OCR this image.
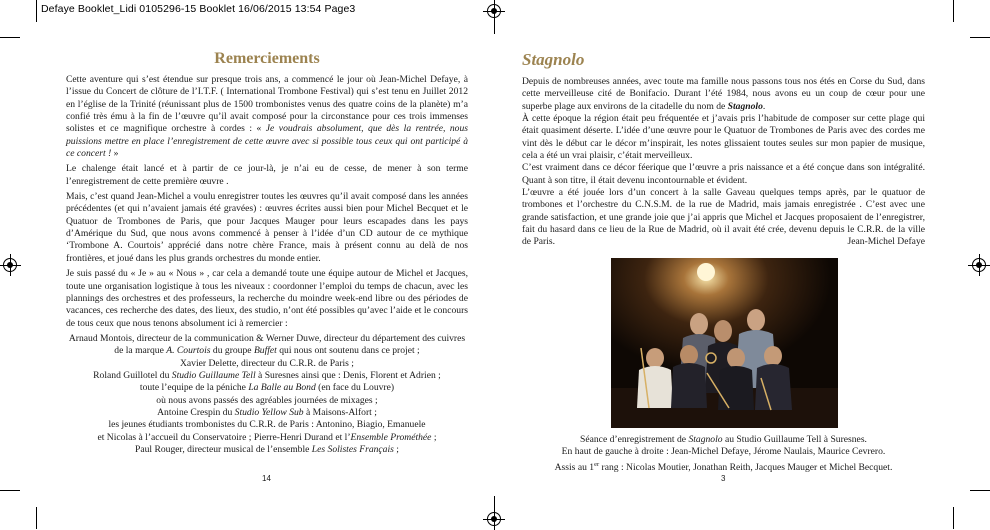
Defaye Booklet_Lidi 0105296-15 Booklet 16/06/2015 13:54 Page3
Remerciements

Cette aventure qui s’est étendue sur presque trois ans, a commencé le jour où Jean-Michel Defaye, à l’issue du Concert de clôture de l’I.T.F. ( International Trombone Festival) qui s’est tenu en Juillet 2012 en l’église de la Trinité (réunissant plus de 1500 trombonistes venus des quatre coins de la planète) m’a confié très ému à la fin de l’œuvre qu’il avait composé pour la circonstance pour ces trois immenses solistes et ce magnifique orchestre à cordes : « Je voudrais absolument, que dès la rentrée, nous puissions mettre en place l’enregistrement de cette œuvre avec si possible tous ceux qui ont participé à ce concert ! »

Le chalenge était lancé et à partir de ce jour-là, je n’ai eu de cesse, de mener à son terme l’enregistrement de cette première œuvre .

Mais, c’est quand Jean-Michel a voulu enregistrer toutes les œuvres qu’il avait composé dans les années précédentes (et qui n’avaient jamais été gravées) : œuvres écrites aussi bien pour Michel Becquet et le Quatuor de Trombones de Paris, que pour Jacques Mauger pour leurs escapades dans les pays d’Amérique du Sud, que nous avons commencé à penser à l’idée d’un CD autour de ce mythique ‘Trombone A. Courtois’ apprécié dans notre chère France, mais à présent connu au delà de nos frontières, et joué dans les plus grands orchestres du monde entier.

Je suis passé du « Je » au « Nous » , car cela a demandé toute une équipe autour de Michel et Jacques, toute une organisation logistique à tous les niveaux : coordonner l’emploi du temps de chacun, avec les plannings des orchestres et des professeurs, la recherche du moindre week-end libre ou des périodes de vacances, ces recherche des dates, des lieux, des studio, n’ont été possibles qu’avec l’aide et le concours de tous ceux que nous tenons absolument ici à remercier :

Arnaud Montois, directeur de la communication & Werner Duwe, directeur du département des cuivres de la marque A. Courtois du groupe Buffet qui nous ont soutenu dans ce projet ;
Xavier Delette, directeur du C.R.R. de Paris ;
Roland Guillotel du Studio Guillaume Tell à Suresnes ainsi que : Denis, Florent et Adrien ;
toute l’equipe de la péniche La Balle au Bond (en face du Louvre)
où nous avons passés des agréables journées de mixages ;
Antoine Crespin du Studio Yellow Sub à Maisons-Alfort ;
les jeunes étudiants trombonistes du C.R.R. de Paris : Antonino, Biagio, Emanuele
et Nicolas à l’accueil du Conservatoire ; Pierre-Henri Durand et l’Ensemble Prométhée ;
Paul Rouger, directeur musical de l’ensemble Les Solistes Français ;
14
Stagnolo

Depuis de nombreuses années, avec toute ma famille nous passons tous nos étés en Corse du Sud, dans cette merveilleuse cité de Bonifacio. Durant l’été 1984, nous avons eu un coup de cœur pour une superbe plage aux environs de la citadelle du nom de Stagnolo.

À cette époque la région était peu fréquentée et j’avais pris l’habitude de composer sur cette plage qui était quasiment déserte. L’idée d’une œuvre pour le Quatuor de Trombones de Paris avec des cordes me vint dès le début car le décor m’inspirait, les notes glissaient toutes seules sur mon papier de musique, cela a été un vrai plaisir, c’était merveilleux.

C’est vraiment dans ce décor féerique que l’œuvre a pris naissance et a été conçue dans son intégralité. Quant à son titre, il était devenu incontournable et évident.

L’œuvre a été jouée lors d’un concert à la salle Gaveau quelques temps après, par le quatuor de trombones et l’orchestre du C.N.S.M. de la rue de Madrid, mais jamais enregistrée . C’est avec une grande satisfaction, et une grande joie que j’ai appris que Michel et Jacques proposaient de l’enregistrer, fait du hasard dans ce lieu de la Rue de Madrid, où il avait été crée, devenu depuis le C.R.R. de la ville de Paris.	Jean-Michel Defaye

Séance d’enregistrement de Stagnolo au Studio Guillaume Tell à Suresnes.
En haut de gauche à droite : Jean-Michel Defaye, Jérome Naulais, Maurice Cevrero.
Assis au 1er rang : Nicolas Moutier, Jonathan Reith, Jacques Mauger et Michel Becquet.
3
